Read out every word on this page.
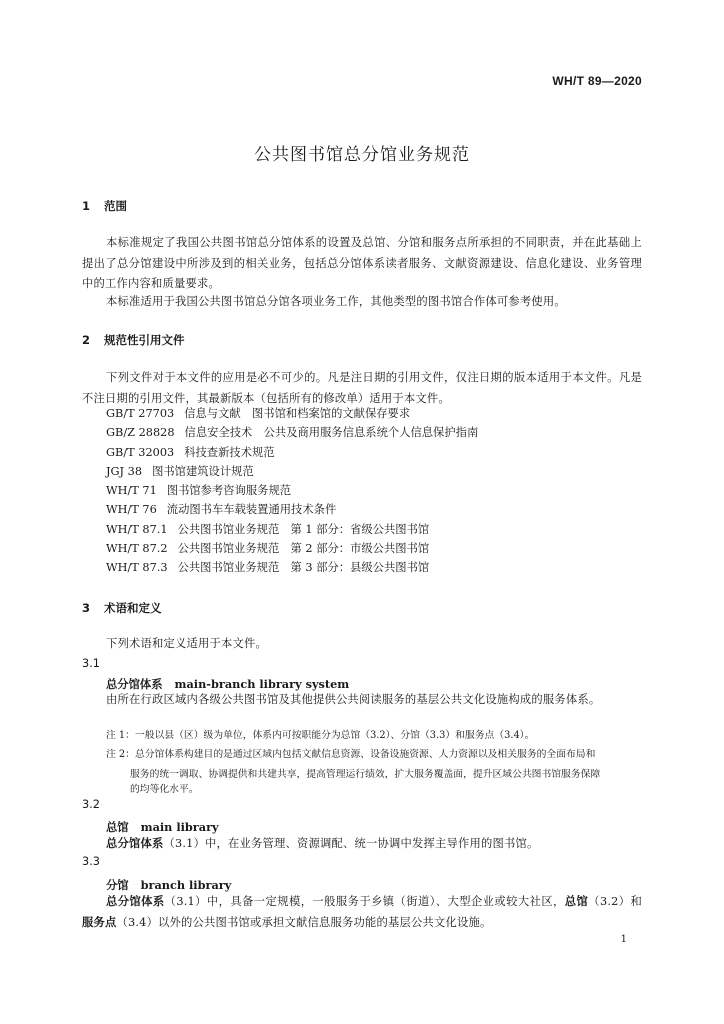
WH/T 89—2020
公共图书馆总分馆业务规范
1 范围
本标准规定了我国公共图书馆总分馆体系的设置及总馆、分馆和服务点所承担的不同职责，并在此基础上提出了总分馆建设中所涉及到的相关业务，包括总分馆体系读者服务、文献资源建设、信息化建设、业务管理中的工作内容和质量要求。
本标准适用于我国公共图书馆总分馆各项业务工作，其他类型的图书馆合作体可参考使用。
2 规范性引用文件
下列文件对于本文件的应用是必不可少的。凡是注日期的引用文件，仅注日期的版本适用于本文件。凡是不注日期的引用文件，其最新版本（包括所有的修改单）适用于本文件。
GB/T 27703 信息与文献　图书馆和档案馆的文献保存要求
GB/Z 28828 信息安全技术　公共及商用服务信息系统个人信息保护指南
GB/T 32003 科技查新技术规范
JGJ 38 图书馆建筑设计规范
WH/T 71 图书馆参考咨询服务规范
WH/T 76 流动图书车车载装置通用技术条件
WH/T 87.1 公共图书馆业务规范　第 1 部分：省级公共图书馆
WH/T 87.2 公共图书馆业务规范　第 2 部分：市级公共图书馆
WH/T 87.3 公共图书馆业务规范　第 3 部分：县级公共图书馆
3 术语和定义
下列术语和定义适用于本文件。
3.1
总分馆体系 main-branch library system
由所在行政区域内各级公共图书馆及其他提供公共阅读服务的基层公共文化设施构成的服务体系。
注 1：一般以县（区）级为单位，体系内可按职能分为总馆（3.2）、分馆（3.3）和服务点（3.4）。
注 2：总分馆体系构建目的是通过区域内包括文献信息资源、设备设施资源、人力资源以及相关服务的全面布局和
服务的统一调取、协调提供和共建共享，提高管理运行绩效，扩大服务覆盖面，提升区域公共图书馆服务保障
的均等化水平。
3.2
总馆 main library
总分馆体系（3.1）中，在业务管理、资源调配、统一协调中发挥主导作用的图书馆。
3.3
分馆 branch library
总分馆体系（3.1）中，具备一定规模，一般服务于乡镇（街道）、大型企业或较大社区，总馆（3.2）和服务点（3.4）以外的公共图书馆或承担文献信息服务功能的基层公共文化设施。
1
